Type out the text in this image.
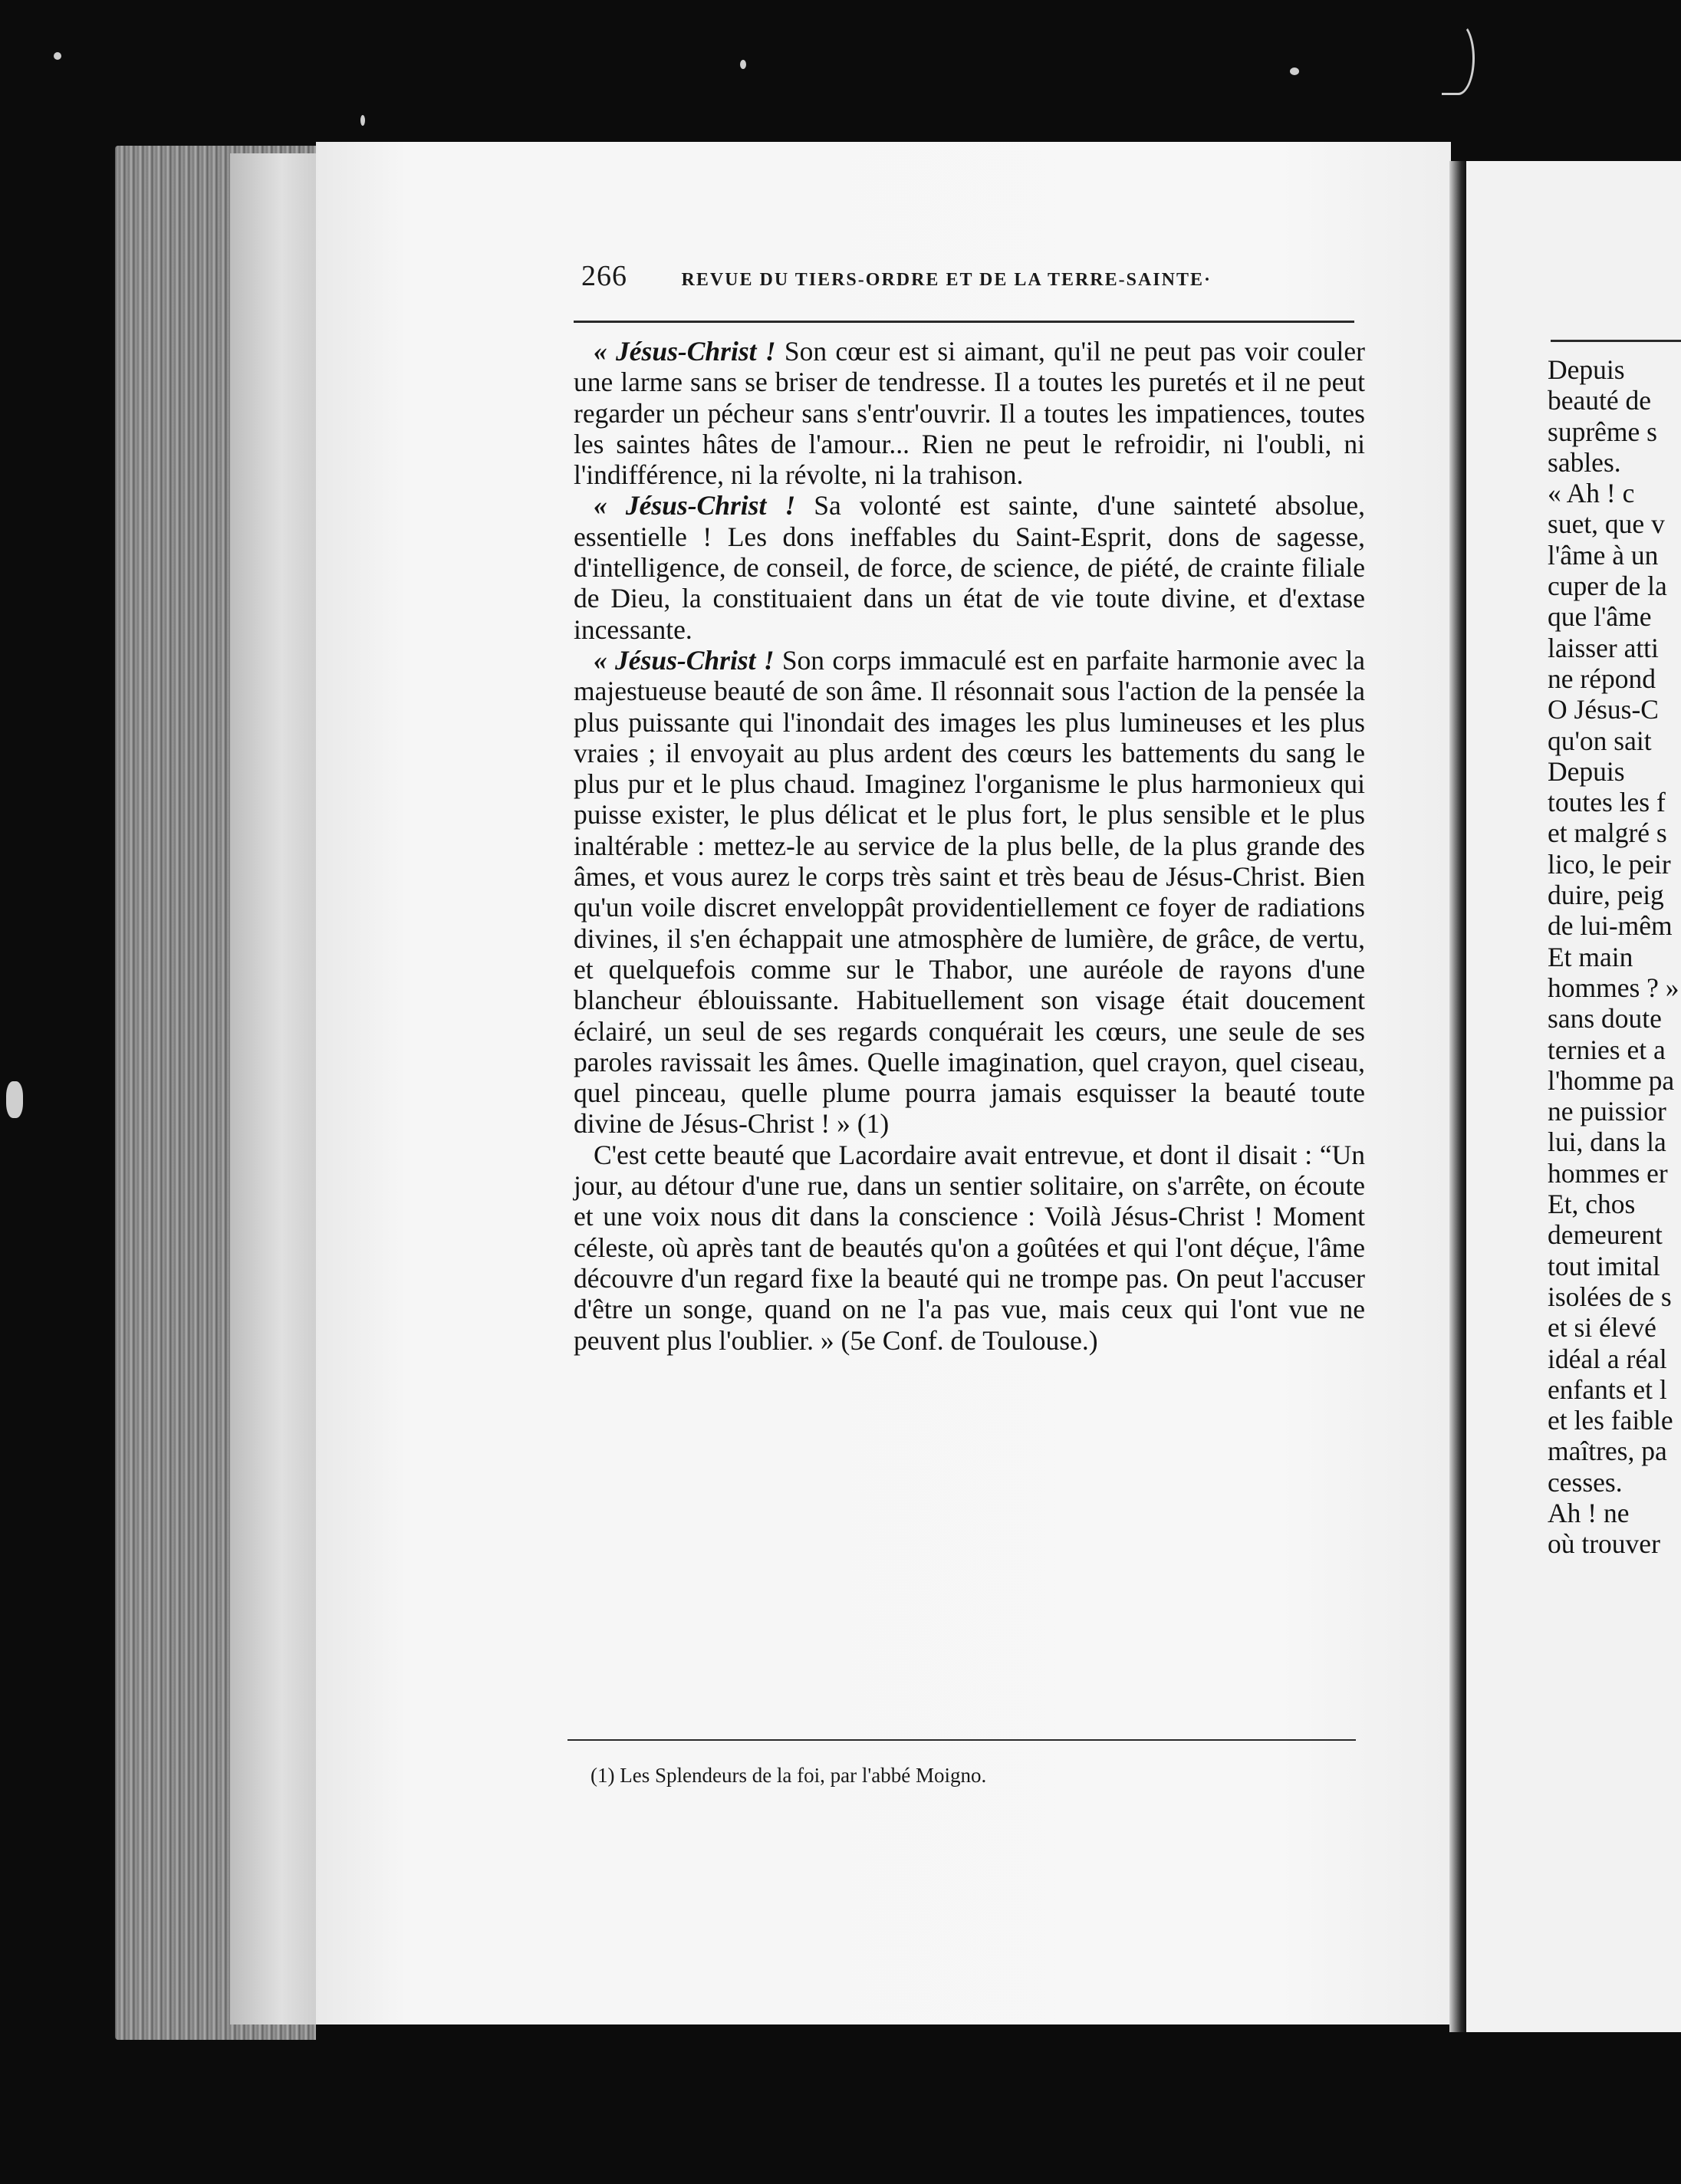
Depuis
beauté de
suprême s
sables.
« Ah ! c
suet, que v
l'âme à un
cuper de la
que l'âme
laisser atti
ne répond
O Jésus-C
qu'on sait
Depuis
toutes les f
et malgré s
lico, le peir
duire, peig
de lui-mêm
Et main
hommes ? »
sans doute
ternies et a
l'homme pa
ne puissior
lui, dans la
hommes er
Et, chos
demeurent
tout imital
isolées de s
et si élevé
idéal a réal
enfants et l
et les faible
maîtres, pa
cesses.
Ah ! ne
où trouver
266	REVUE DU TIERS-ORDRE ET DE LA TERRE-SAINTE·

« Jésus-Christ ! Son cœur est si aimant, qu'il ne peut pas voir couler une larme sans se briser de tendresse. Il a toutes les puretés et il ne peut regarder un pécheur sans s'entr'ouvrir. Il a toutes les impatiences, toutes les saintes hâtes de l'amour... Rien ne peut le refroidir, ni l'oubli, ni l'indifférence, ni la révolte, ni la trahison.

« Jésus-Christ ! Sa volonté est sainte, d'une sainteté absolue, essentielle ! Les dons ineffables du Saint-Esprit, dons de sagesse, d'intelligence, de conseil, de force, de science, de piété, de crainte filiale de Dieu, la constituaient dans un état de vie toute divine, et d'extase incessante.

« Jésus-Christ ! Son corps immaculé est en parfaite harmonie avec la majestueuse beauté de son âme. Il résonnait sous l'action de la pensée la plus puissante qui l'inondait des images les plus lumineuses et les plus vraies ; il envoyait au plus ardent des cœurs les battements du sang le plus pur et le plus chaud. Imaginez l'organisme le plus harmonieux qui puisse exister, le plus délicat et le plus fort, le plus sensible et le plus inaltérable : mettez-le au service de la plus belle, de la plus grande des âmes, et vous aurez le corps très saint et très beau de Jésus-Christ. Bien qu'un voile discret enveloppât providentiellement ce foyer de radiations divines, il s'en échappait une atmosphère de lumière, de grâce, de vertu, et quelquefois comme sur le Thabor, une auréole de rayons d'une blancheur éblouissante. Habituellement son visage était doucement éclairé, un seul de ses regards conquérait les cœurs, une seule de ses paroles ravissait les âmes. Quelle imagination, quel crayon, quel ciseau, quel pinceau, quelle plume pourra jamais esquisser la beauté toute divine de Jésus-Christ ! » (1)

C'est cette beauté que Lacordaire avait entrevue, et dont il disait : “Un jour, au détour d'une rue, dans un sentier solitaire, on s'arrête, on écoute et une voix nous dit dans la conscience : Voilà Jésus-Christ ! Moment céleste, où après tant de beautés qu'on a goûtées et qui l'ont déçue, l'âme découvre d'un regard fixe la beauté qui ne trompe pas. On peut l'accuser d'être un songe, quand on ne l'a pas vue, mais ceux qui l'ont vue ne peuvent plus l'oublier. » (5e Conf. de Toulouse.)

(1) Les Splendeurs de la foi, par l'abbé Moigno.
